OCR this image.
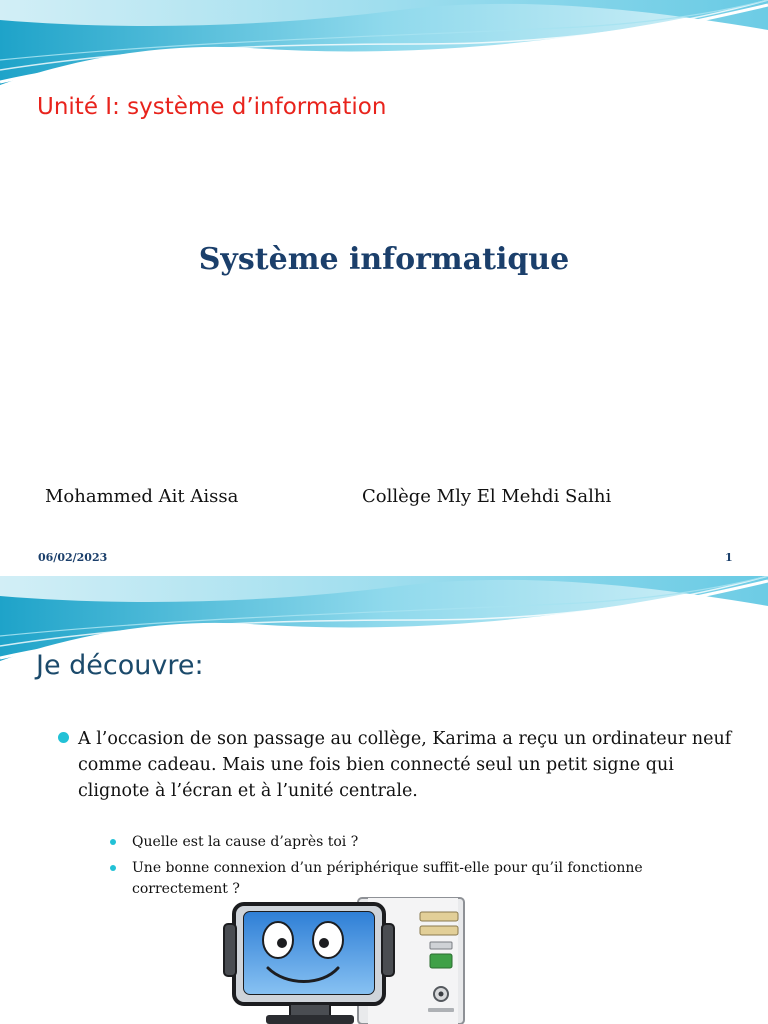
Unité I: système d’information
Système informatique
Mohammed Ait Aissa	Collège Mly El Mehdi Salhi
06/02/2023	1
Je découvre:

A l’occasion de son passage au collège, Karima a reçu un ordinateur neuf comme cadeau. Mais une fois bien connecté seul un petit signe qui clignote à l’écran et à l’unité centrale.

Quelle est la cause d’après toi ?
Une bonne connexion d’un périphérique suffit-elle pour qu’il fonctionne correctement ?
